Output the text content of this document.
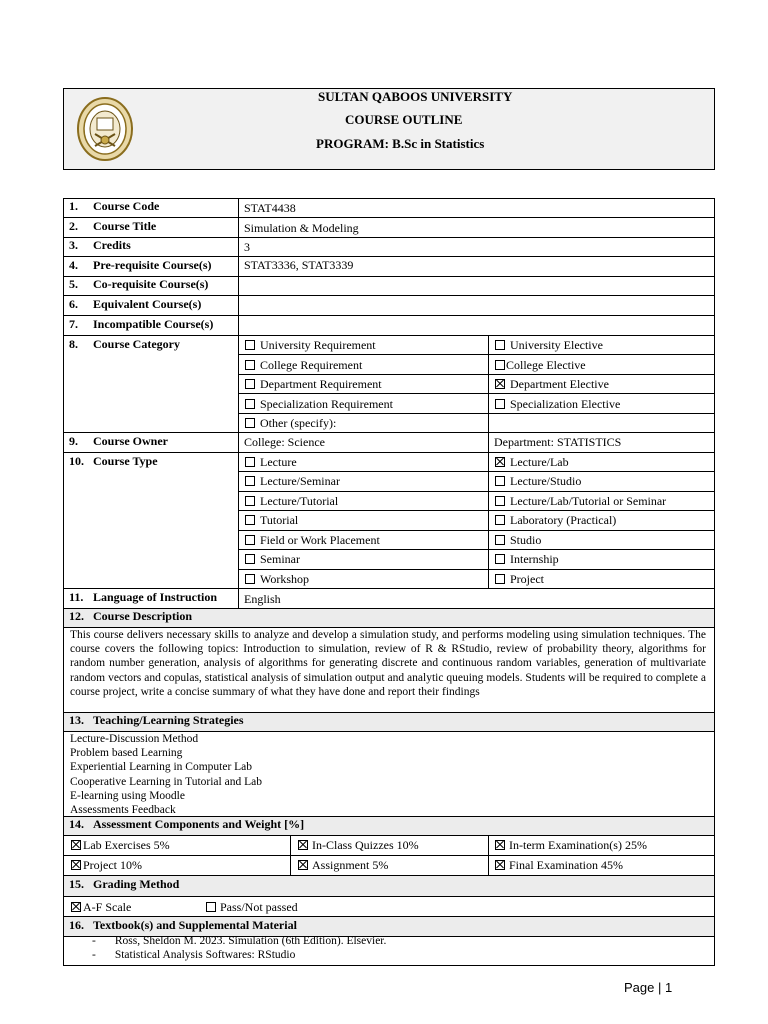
SULTAN QABOOS UNIVERSITY
COURSE OUTLINE
PROGRAM: B.Sc in Statistics
1. Course Code	STAT4438
2. Course Title	Simulation & Modeling
3. Credits	3
4. Pre-requisite Course(s)	STAT3336, STAT3339
5. Co-requisite Course(s)
6. Equivalent Course(s)
7. Incompatible Course(s)
8. Course Category	University Requirement	University Elective
College Requirement	College Elective
Department Requirement	Department Elective
Specialization Requirement	Specialization Elective
Other (specify):
9. Course Owner	College: Science	Department: STATISTICS
10. Course Type	Lecture	Lecture/Lab
Lecture/Seminar	Lecture/Studio
Lecture/Tutorial	Lecture/Lab/Tutorial or Seminar
Tutorial	Laboratory (Practical)
Field or Work Placement	Studio
Seminar	Internship
Workshop	Project
11. Language of Instruction English
12. Course Description
This course delivers necessary skills to analyze and develop a simulation study, and performs modeling using simulation techniques. The course covers the following topics: Introduction to simulation, review of R & RStudio, review of probability theory, algorithms for random number generation, analysis of algorithms for generating discrete and continuous random variables, generation of multivariate random vectors and copulas, statistical analysis of simulation output and analytic queuing models. Students will be required to complete a course project, write a concise summary of what they have done and report their findings
13. Teaching/Learning Strategies
Lecture-Discussion Method
Problem based Learning
Experiential Learning in Computer Lab
Cooperative Learning in Tutorial and Lab
E-learning using Moodle
Assessments Feedback
14. Assessment Components and Weight [%]
Lab Exercises 5%	In-Class Quizzes 10%	In-term Examination(s) 25%
Project 10%	Assignment 5%	Final Examination 45%
15. Grading Method
A-F Scale	Pass/Not passed
16. Textbook(s) and Supplemental Material
- Ross, Sheldon M. 2023. Simulation (6th Edition). Elsevier.
- Statistical Analysis Softwares: RStudio
Page | 1
